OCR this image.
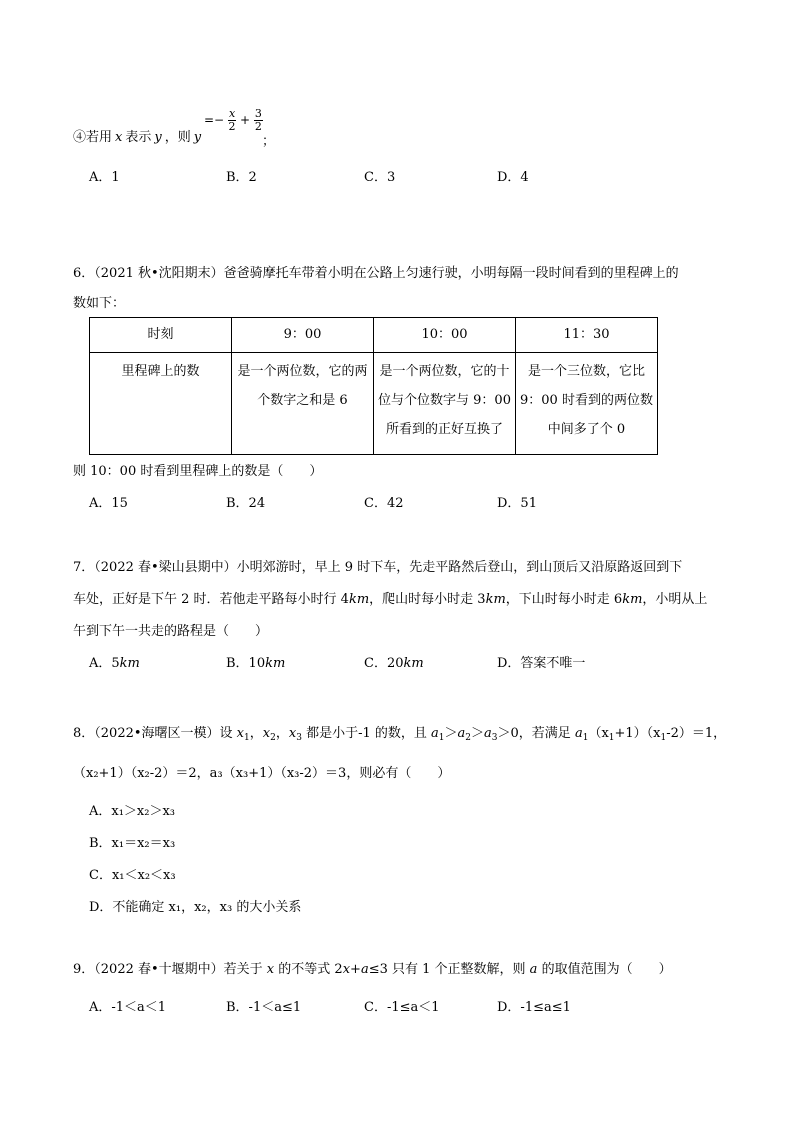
④若用 x 表示 y ，则 y
=− $\frac{x}{2} + \frac{3}{2}$
；
A．1	B．2	C．3	D．4
6．（2021 秋•沈阳期末）爸爸骑摩托车带着小明在公路上匀速行驶，小明每隔一段时间看到的里程碑上的
数如下：
时刻	9：00	10：00	11：30
里程碑上的数	是一个两位数，它的两个数字之和是 6	是一个两位数，它的十位与个位数字与 9：00 所看到的正好互换了	是一个三位数，它比 9：00 时看到的两位数中间多了个 0
则 10：00 时看到里程碑上的数是（　　）
A．15	B．24	C．42	D．51
7．（2022 春•梁山县期中）小明郊游时，早上 9 时下车，先走平路然后登山，到山顶后又沿原路返回到下
车处，正好是下午 2 时．若他走平路每小时行 4km，爬山时每小时走 3km，下山时每小时走 6km，小明从上
午到下午一共走的路程是（　　）
A．5km	B．10km	C．20km	D．答案不唯一
8．（2022•海曙区一模）设 $x_1$，$x_2$，$x_3$ 都是小于-1 的数，且 $a_1>a_2>a_3>0$，若满足 $a_1(x_1+1)(x_1-2)=1$，
（x₂+1）（x₂-2）＝2，a₃（x₃+1）（x₃-2）＝3，则必有（　　）
A．x₁＞x₂＞x₃
B．x₁＝x₂＝x₃
C．x₁＜x₂＜x₃
D．不能确定 x₁，x₂，x₃ 的大小关系
9．（2022 春•十堰期中）若关于 x 的不等式 2x+a≤3 只有 1 个正整数解，则 a 的取值范围为（　　）
A．-1＜a＜1	B．-1＜a≤1	C．-1≤a＜1	D．-1≤a≤1
